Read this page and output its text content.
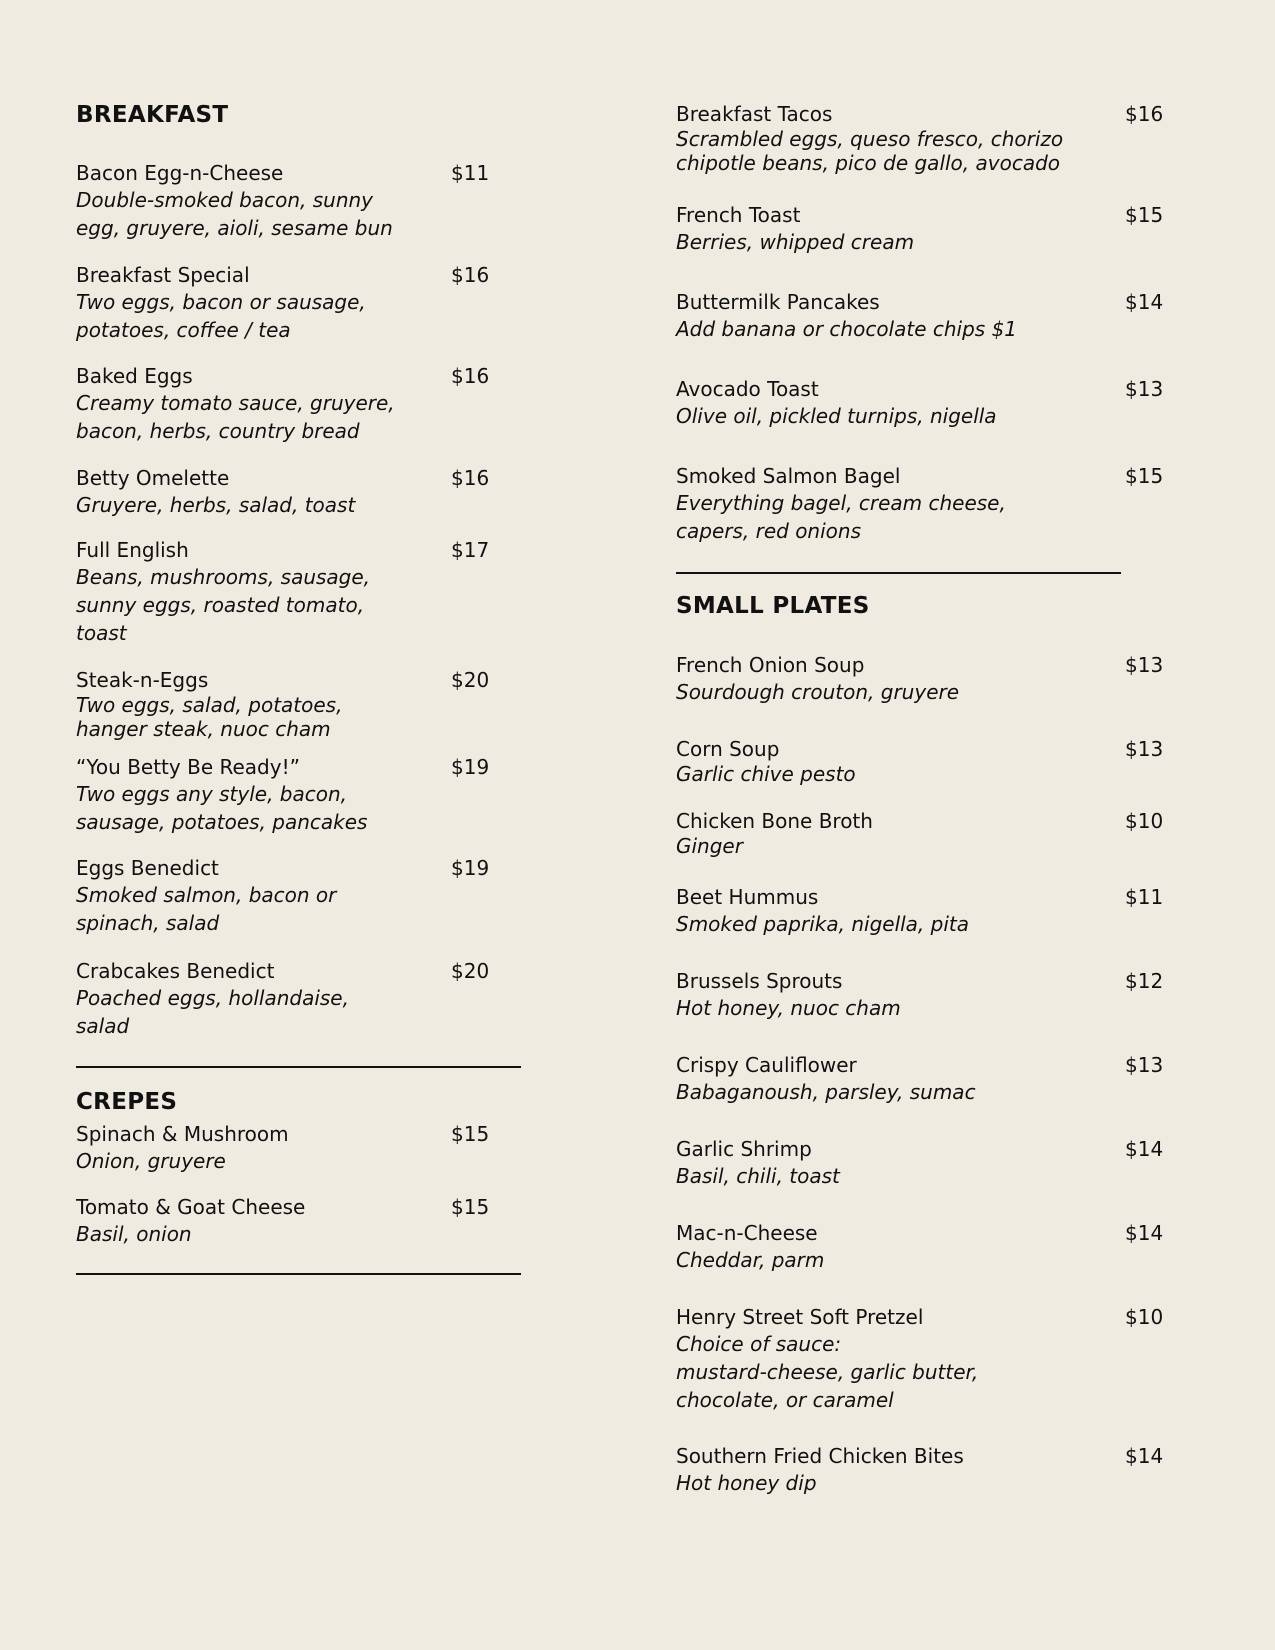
BREAKFAST
Bacon Egg-n-Cheese	$11
Double-smoked bacon, sunny
egg, gruyere, aioli, sesame bun
Breakfast Special	$16
Two eggs, bacon or sausage,
potatoes, coffee / tea
Baked Eggs	$16
Creamy tomato sauce, gruyere,
bacon, herbs, country bread
Betty Omelette	$16
Gruyere, herbs, salad, toast
Full English	$17
Beans, mushrooms, sausage,
sunny eggs, roasted tomato,
toast
Steak-n-Eggs	$20
Two eggs, salad, potatoes,
hanger steak, nuoc cham
“You Betty Be Ready!”	$19
Two eggs any style, bacon,
sausage, potatoes, pancakes
Eggs Benedict	$19
Smoked salmon, bacon or
spinach, salad
Crabcakes Benedict	$20
Poached eggs, hollandaise,
salad
CREPES
Spinach & Mushroom	$15
Onion, gruyere
Tomato & Goat Cheese	$15
Basil, onion
Breakfast Tacos	$16
Scrambled eggs, queso fresco, chorizo
chipotle beans, pico de gallo, avocado
French Toast	$15
Berries, whipped cream
Buttermilk Pancakes	$14
Add banana or chocolate chips $1
Avocado Toast	$13
Olive oil, pickled turnips, nigella
Smoked Salmon Bagel	$15
Everything bagel, cream cheese,
capers, red onions
SMALL PLATES
French Onion Soup	$13
Sourdough crouton, gruyere
Corn Soup	$13
Garlic chive pesto
Chicken Bone Broth	$10
Ginger
Beet Hummus	$11
Smoked paprika, nigella, pita
Brussels Sprouts	$12
Hot honey, nuoc cham
Crispy Cauliflower	$13
Babaganoush, parsley, sumac
Garlic Shrimp	$14
Basil, chili, toast
Mac-n-Cheese	$14
Cheddar, parm
Henry Street Soft Pretzel	$10
Choice of sauce:
mustard-cheese, garlic butter,
chocolate, or caramel
Southern Fried Chicken Bites	$14
Hot honey dip
